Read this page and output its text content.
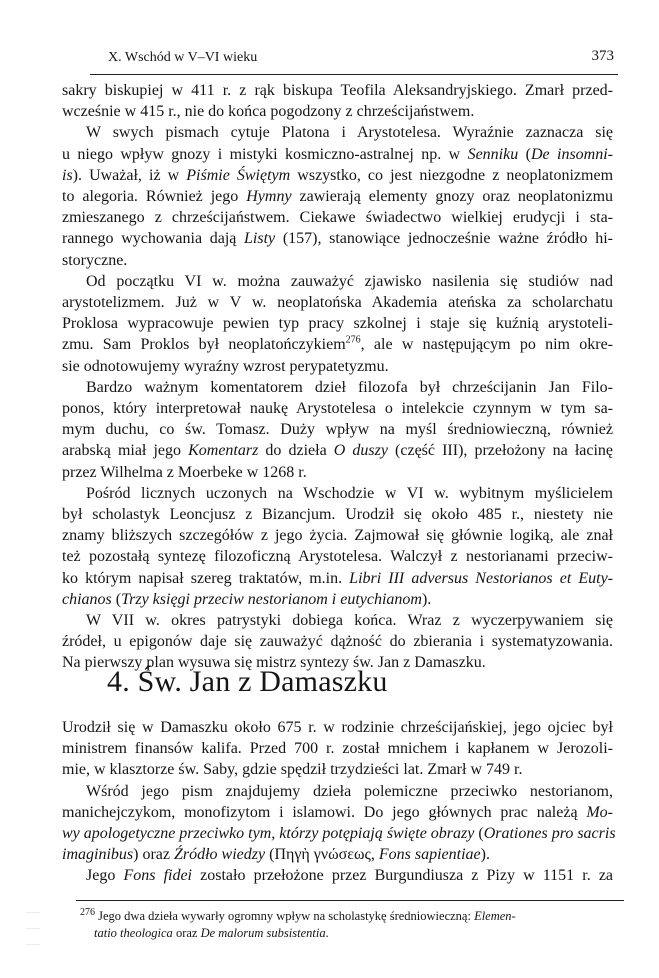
X. Wschód w V–VI wieku	373
sakry biskupiej w 411 r. z rąk biskupa Teofila Aleksandryjskiego. Zmarł przed-
wcześnie w 415 r., nie do końca pogodzony z chrześcijaństwem.
W swych pismach cytuje Platona i Arystotelesa. Wyraźnie zaznacza się
u niego wpływ gnozy i mistyki kosmiczno-astralnej np. w Senniku (De insomni-
is). Uważał, iż w Piśmie Świętym wszystko, co jest niezgodne z neoplatonizmem
to alegoria. Również jego Hymny zawierają elementy gnozy oraz neoplatonizmu
zmieszanego z chrześcijaństwem. Ciekawe świadectwo wielkiej erudycji i sta-
rannego wychowania dają Listy (157), stanowiące jednocześnie ważne źródło hi-
storyczne.
Od początku VI w. można zauważyć zjawisko nasilenia się studiów nad
arystotelizmem. Już w V w. neoplatońska Akademia ateńska za scholarchatu
Proklosa wypracowuje pewien typ pracy szkolnej i staje się kuźnią arystoteli-
zmu. Sam Proklos był neoplatończykiem$^{276}$, ale w następującym po nim okre-
sie odnotowujemy wyraźny wzrost perypatetyzmu.
Bardzo ważnym komentatorem dzieł filozofa był chrześcijanin Jan Filo-
ponos, który interpretował naukę Arystotelesa o intelekcie czynnym w tym sa-
mym duchu, co św. Tomasz. Duży wpływ na myśl średniowieczną, również
arabską miał jego Komentarz do dzieła O duszy (część III), przełożony na łacinę
przez Wilhelma z Moerbeke w 1268 r.
Pośród licznych uczonych na Wschodzie w VI w. wybitnym myślicielem
był scholastyk Leoncjusz z Bizancjum. Urodził się około 485 r., niestety nie
znamy bliższych szczegółów z jego życia. Zajmował się głównie logiką, ale znał
też pozostałą syntezę filozoficzną Arystotelesa. Walczył z nestorianami przeciw-
ko którym napisał szereg traktatów, m.in. Libri III adversus Nestorianos et Euty-
chianos (Trzy księgi przeciw nestorianom i eutychianom).
W VII w. okres patrystyki dobiega końca. Wraz z wyczerpywaniem się
źródeł, u epigonów daje się zauważyć dążność do zbierania i systematyzowania.
Na pierwszy plan wysuwa się mistrz syntezy św. Jan z Damaszku.
4. Św. Jan z Damaszku
Urodził się w Damaszku około 675 r. w rodzinie chrześcijańskiej, jego ojciec był
ministrem finansów kalifa. Przed 700 r. został mnichem i kapłanem w Jerozoli-
mie, w klasztorze św. Saby, gdzie spędził trzydzieści lat. Zmarł w 749 r.
Wśród jego pism znajdujemy dzieła polemiczne przeciwko nestorianom,
manichejczykom, monofizytom i islamowi. Do jego głównych prac należą Mo-
wy apologetyczne przeciwko tym, którzy potępiają święte obrazy (Orationes pro sacris
imaginibus) oraz Źródło wiedzy (Πηγὴ γνώσεως, Fons sapientiae).
Jego Fons fidei zostało przełożone przez Burgundiusza z Pizy w 1151 r. za
$^{276}$ Jego dwa dzieła wywarły ogromny wpływ na scholastykę średniowieczną: Elemen-
tatio theologica oraz De malorum subsistentia.
